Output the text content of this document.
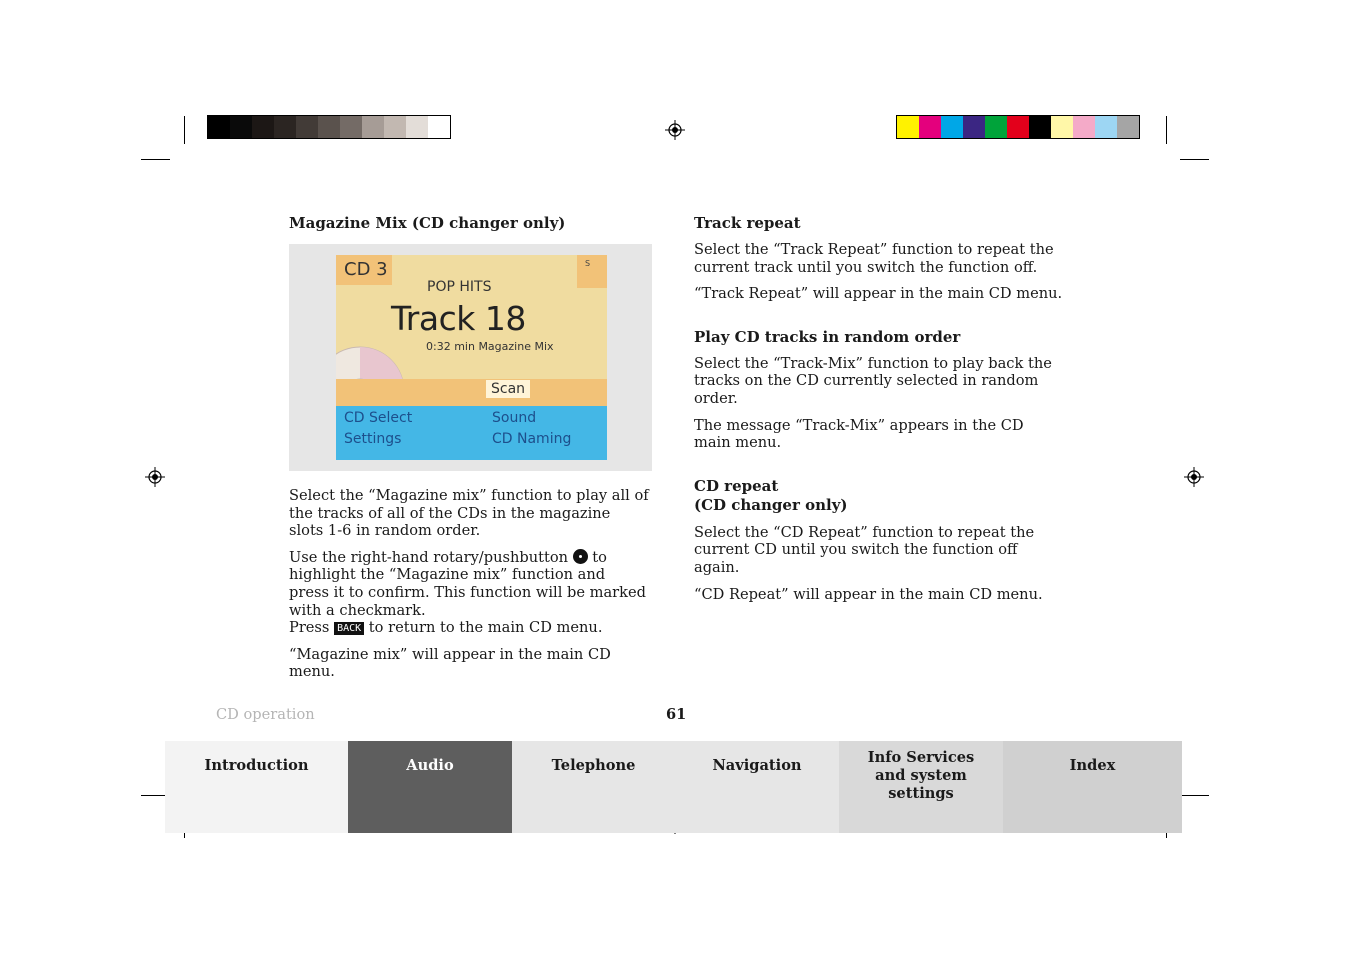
Magazine Mix (CD changer only)
CD 3	S
POP HITS
Track 18
0:32 min Magazine Mix
Scan
CD Select	Sound
Settings	CD Naming

Select the “Magazine mix” function to play all of the tracks of all of the CDs in the magazine slots 1-6 in random order.

Use the right-hand rotary/pushbutton to highlight the “Magazine mix” function and press it to confirm. This function will be marked with a checkmark.
Press BACK to return to the main CD menu.

“Magazine mix” will appear in the main CD menu.

Track repeat

Select the “Track Repeat” function to repeat the current track until you switch the function off.

“Track Repeat” will appear in the main CD menu.

Play CD tracks in random order

Select the “Track-Mix” function to play back the tracks on the CD currently selected in random order.

The message “Track-Mix” appears in the CD main menu.

CD repeat
(CD changer only)

Select the “CD Repeat” function to repeat the current CD until you switch the function off again.

“CD Repeat” will appear in the main CD menu.

CD operation	61
Introduction	Audio	Telephone	Navigation	Info Services and system settings
Index
